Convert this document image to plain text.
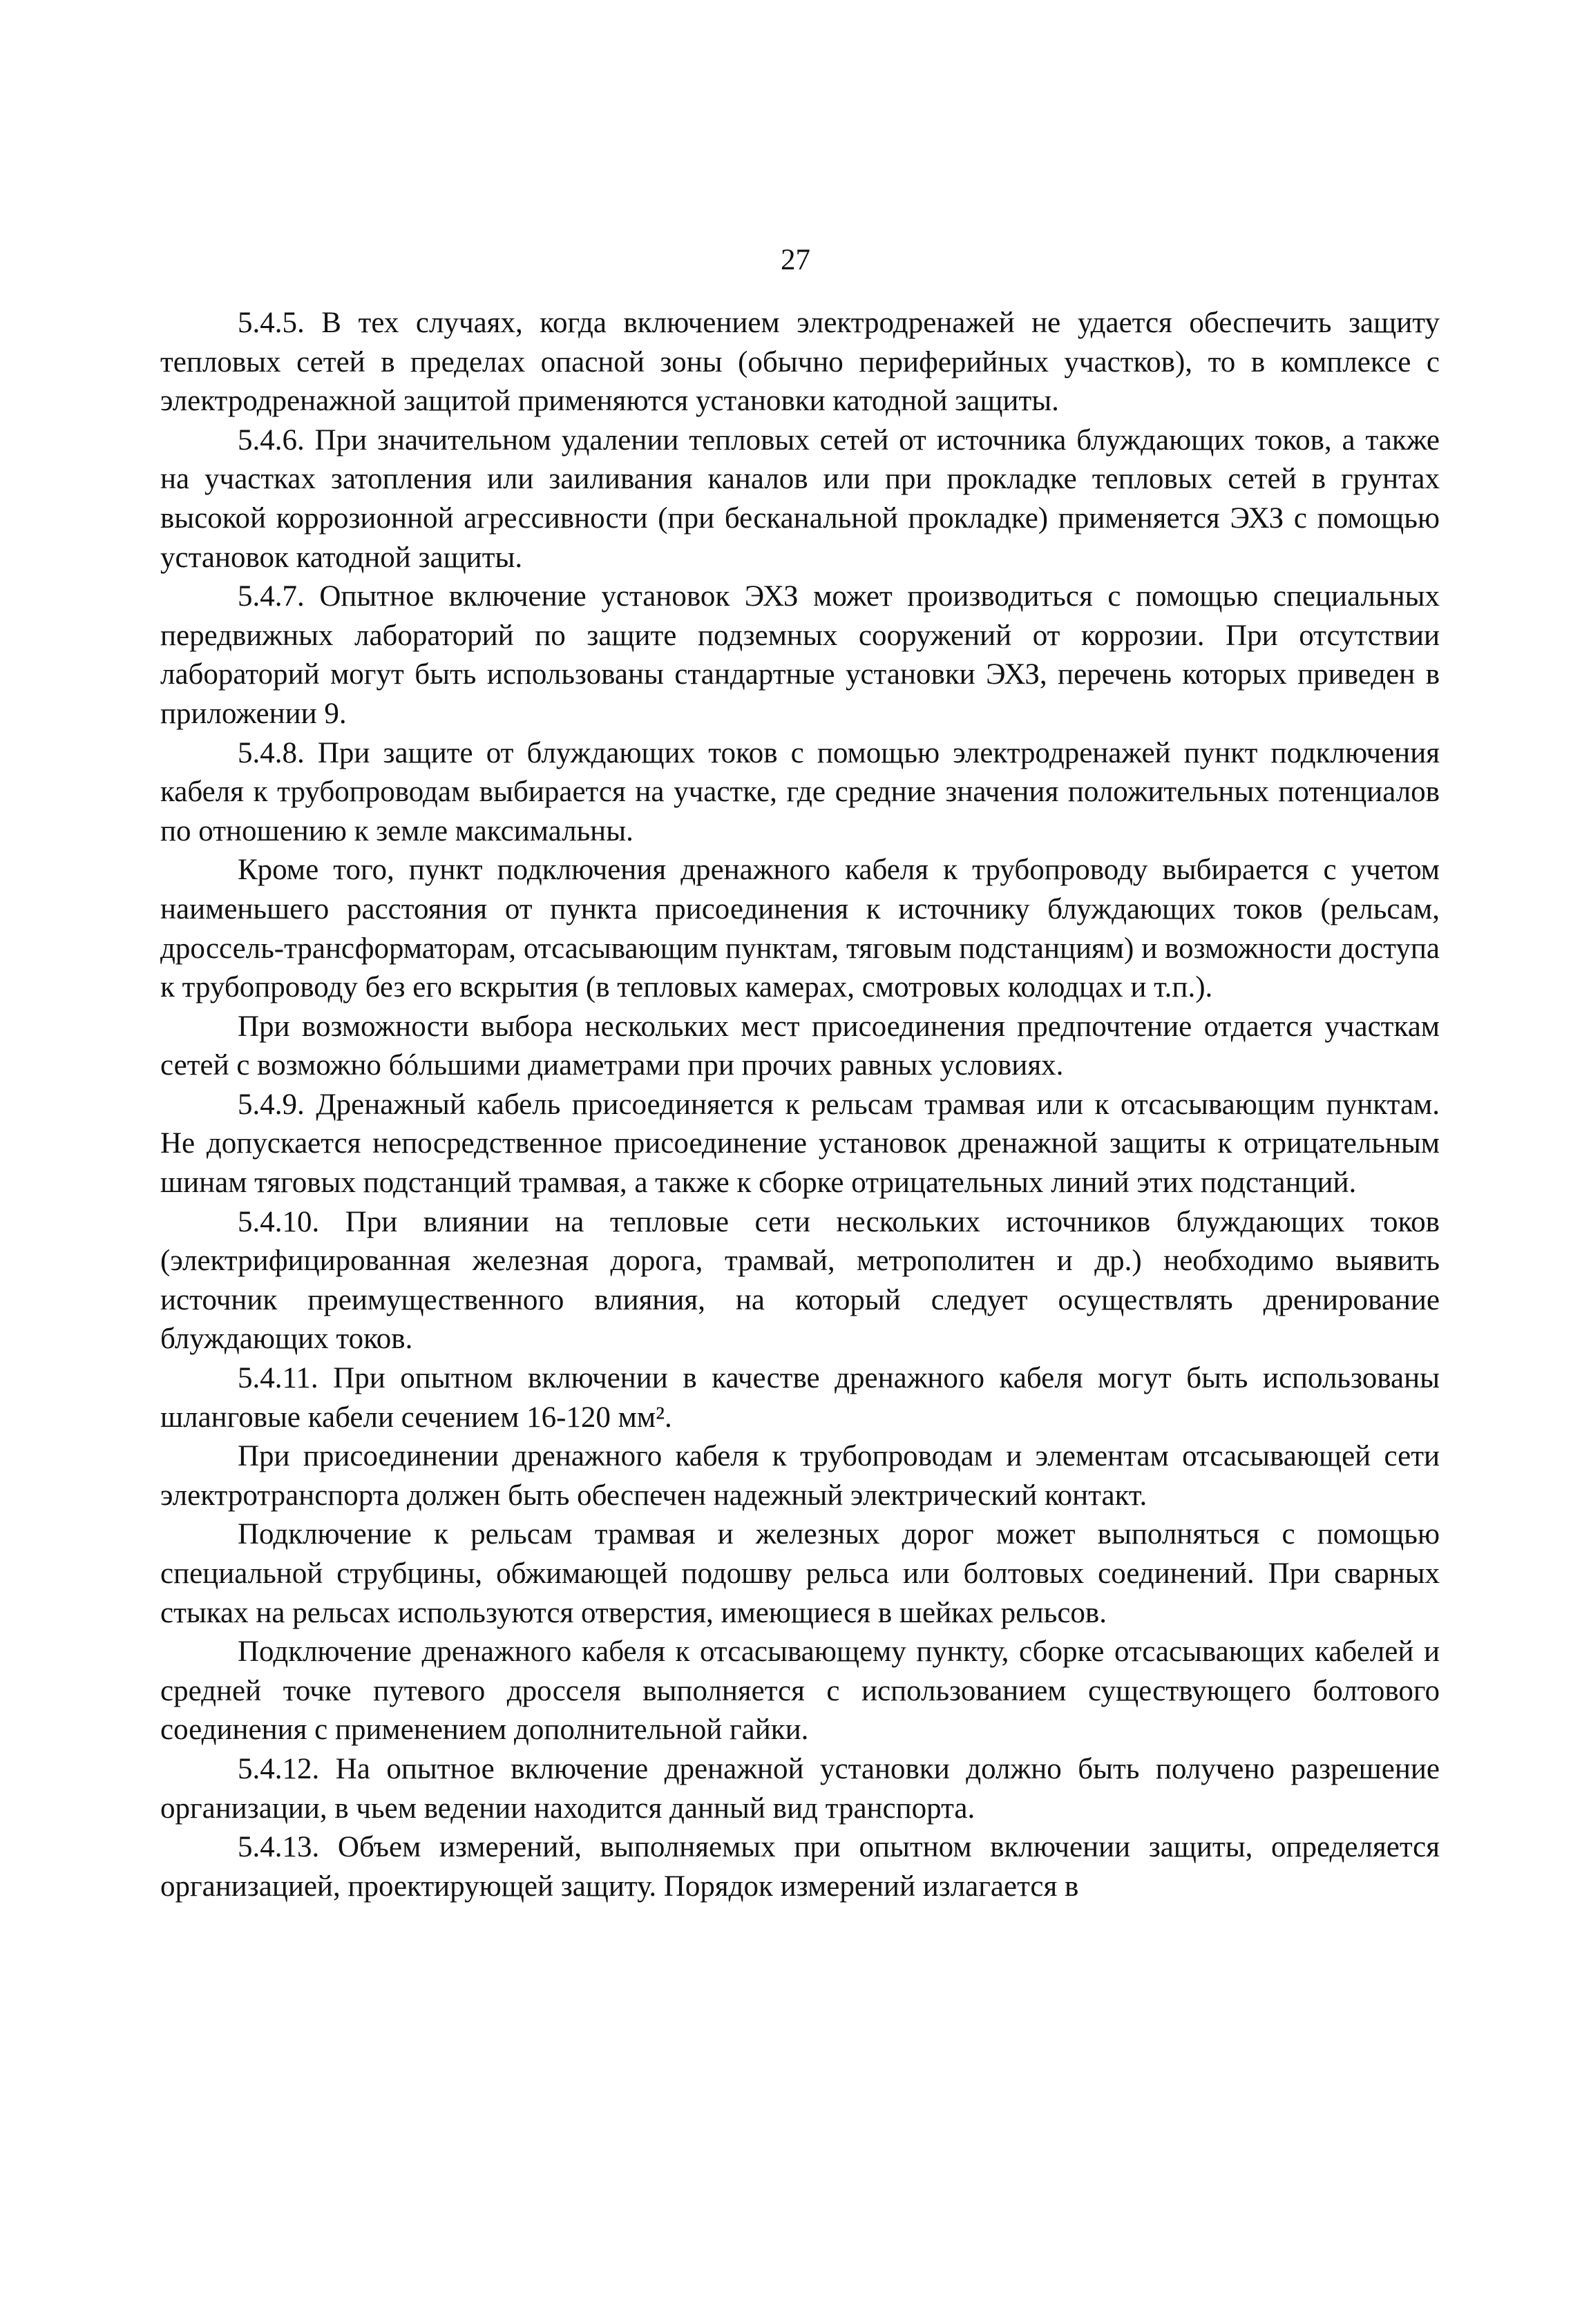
27

5.4.5. В тех случаях, когда включением электродренажей не удается обеспечить защиту тепловых сетей в пределах опасной зоны (обычно периферийных участков), то в комплексе с электродренажной защитой применяются установки катодной защиты.

5.4.6. При значительном удалении тепловых сетей от источника блуждающих токов, а также на участках затопления или заиливания каналов или при прокладке тепловых сетей в грунтах высокой коррозионной агрессивности (при бесканальной прокладке) применяется ЭХЗ с помощью установок катодной защиты.

5.4.7. Опытное включение установок ЭХЗ может производиться с помощью специальных передвижных лабораторий по защите подземных сооружений от коррозии. При отсутствии лабораторий могут быть использованы стандартные установки ЭХЗ, перечень которых приведен в приложении 9.

5.4.8. При защите от блуждающих токов с помощью электродренажей пункт подключения кабеля к трубопроводам выбирается на участке, где средние значения положительных потенциалов по отношению к земле максимальны.

Кроме того, пункт подключения дренажного кабеля к трубопроводу выбирается с учетом наименьшего расстояния от пункта присоединения к источнику блуждающих токов (рельсам, дроссель-трансформаторам, отсасывающим пунктам, тяговым подстанциям) и возможности доступа к трубопроводу без его вскрытия (в тепловых камерах, смотровых колодцах и т.п.).

При возможности выбора нескольких мест присоединения предпочтение отдается участкам сетей с возможно бóльшими диаметрами при прочих равных условиях.

5.4.9. Дренажный кабель присоединяется к рельсам трамвая или к отсасывающим пунктам. Не допускается непосредственное присоединение установок дренажной защиты к отрицательным шинам тяговых подстанций трамвая, а также к сборке отрицательных линий этих подстанций.

5.4.10. При влиянии на тепловые сети нескольких источников блуждающих токов (электрифицированная железная дорога, трамвай, метрополитен и др.) необходимо выявить источник преимущественного влияния, на который следует осуществлять дренирование блуждающих токов.

5.4.11. При опытном включении в качестве дренажного кабеля могут быть использованы шланговые кабели сечением 16-120 мм².

При присоединении дренажного кабеля к трубопроводам и элементам отсасывающей сети электротранспорта должен быть обеспечен надежный электрический контакт.

Подключение к рельсам трамвая и железных дорог может выполняться с помощью специальной струбцины, обжимающей подошву рельса или болтовых соединений. При сварных стыках на рельсах используются отверстия, имеющиеся в шейках рельсов.

Подключение дренажного кабеля к отсасывающему пункту, сборке отсасывающих кабелей и средней точке путевого дросселя выполняется с использованием существующего болтового соединения с применением дополнительной гайки.

5.4.12. На опытное включение дренажной установки должно быть получено разрешение организации, в чьем ведении находится данный вид транспорта.

5.4.13. Объем измерений, выполняемых при опытном включении защиты, определяется организацией, проектирующей защиту. Порядок измерений излагается в
